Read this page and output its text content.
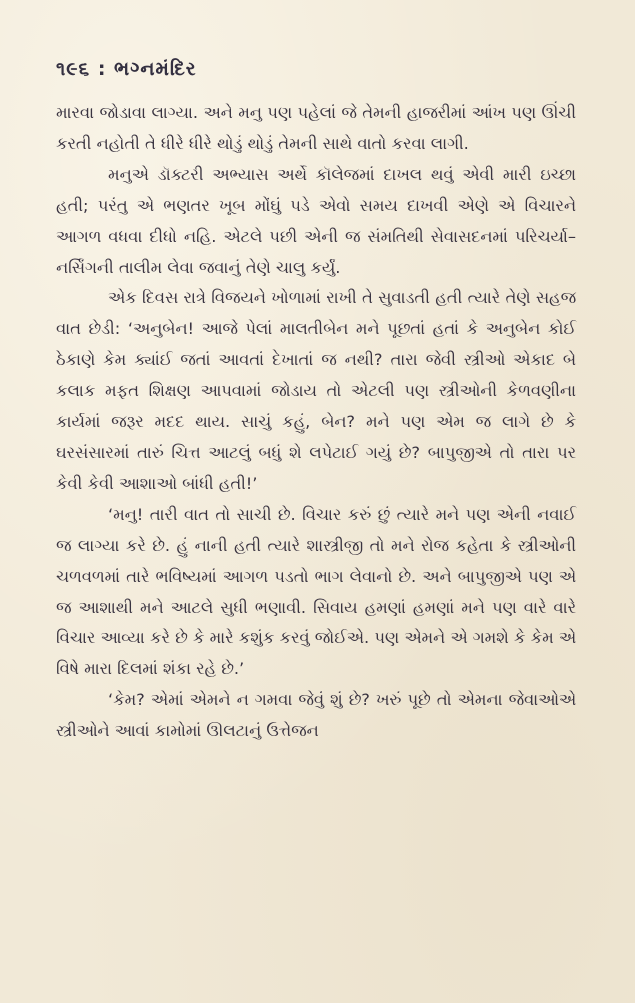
૧૯૬ : ભગ્નમંદિર

મારવા જોડાવા લાગ્યા. અને મનુ પણ પહેલાં જે તેમની હાજરીમાં આંખ પણ ઊંચી કરતી નહોતી તે ધીરે ધીરે થોડું થોડું તેમની સાથે વાતો કરવા લાગી.

મનુએ ડૉક્ટરી અભ્યાસ અર્થે કૉલેજમાં દાખલ થવું એવી મારી ઇચ્છા હતી; પરંતુ એ ભણતર ખૂબ મોંઘું પડે એવો સમય દાખવી એણે એ વિચારને આગળ વધવા દીધો નહિ. એટલે પછી એની જ સંમતિથી સેવાસદનમાં પરિચર્યા–નર્સિંગની તાલીમ લેવા જવાનું તેણે ચાલુ કર્યું.

એક દિવસ રાત્રે વિજયને ખોળામાં રાખી તે સુવાડતી હતી ત્યારે તેણે સહજ વાત છેડી: ‘અનુબેન! આજે પેલાં માલતીબેન મને પૂછતાં હતાં કે અનુબેન કોઈ ઠેકાણે કેમ ક્યાંઈ જતાં આવતાં દેખાતાં જ નથી? તારા જેવી સ્ત્રીઓ એકાદ બે કલાક મફત શિક્ષણ આપવામાં જોડાય તો એટલી પણ સ્ત્રીઓની કેળવણીના કાર્યમાં જરૂર મદદ થાય. સાચું કહું, બેન? મને પણ એમ જ લાગે છે કે ઘરસંસારમાં તારું ચિત્ત આટલું બધું શે લપેટાઈ ગયું છે? બાપુજીએ તો તારા પર કેવી કેવી આશાઓ બાંધી હતી!’

‘મનુ! તારી વાત તો સાચી છે. વિચાર કરું છું ત્યારે મને પણ એની નવાઈ જ લાગ્યા કરે છે. હું નાની હતી ત્યારે શાસ્ત્રીજી તો મને રોજ કહેતા કે સ્ત્રીઓની ચળવળમાં તારે ભવિષ્યમાં આગળ પડતો ભાગ લેવાનો છે. અને બાપુજીએ પણ એ જ આશાથી મને આટલે સુધી ભણાવી. સિવાય હમણાં હમણાં મને પણ વારે વારે વિચાર આવ્યા કરે છે કે મારે કશુંક કરવું જોઈએ. પણ એમને એ ગમશે કે કેમ એ વિષે મારા દિલમાં શંકા રહે છે.’

‘કેમ? એમાં એમને ન ગમવા જેવું શું છે? ખરું પૂછે તો એમના જેવાઓએ સ્ત્રીઓને આવાં કામોમાં ઊલટાનું ઉત્તેજન
